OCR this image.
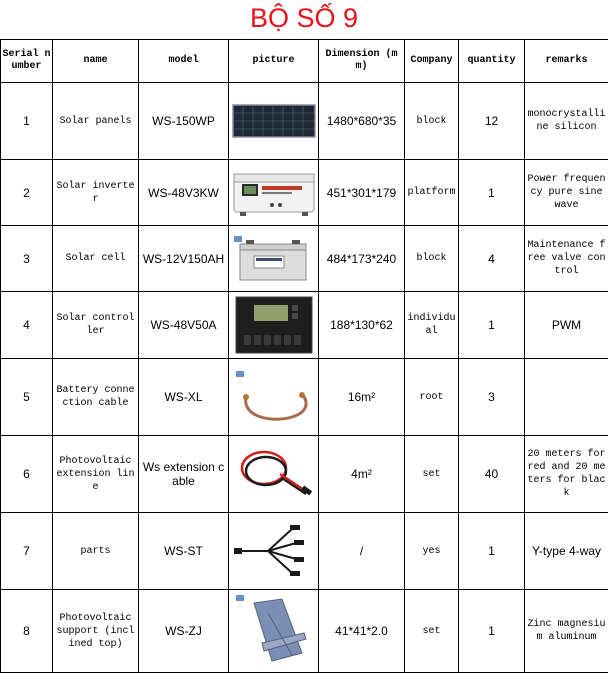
BỘ SỐ 9
Serial number	name	model	picture	Dimension (mm)	Company	quantity	remarks
1	Solar panels	WS-150WP		1480*680*35	block	12	monocrystalline silicon
2	Solar inverter	WS-48V3KW		451*301*179	platform	1	Power frequency pure sine wave
3	Solar cell	WS-12V150AH		484*173*240	block	4	Maintenance free valve control
4	Solar controller	WS-48V50A		188*130*62	individual	1	PWM
5	Battery connection cable	WS-XL		16m²	root	3	
6	Photovoltaic extension line	Ws extension cable		4m²	set	40	20 meters for red and 20 meters for black
7	parts	WS-ST		/	yes	1	Y-type 4-way
8	Photovoltaic support (inclined top)	WS-ZJ		41*41*2.0	set	1	Zinc magnesium aluminum
